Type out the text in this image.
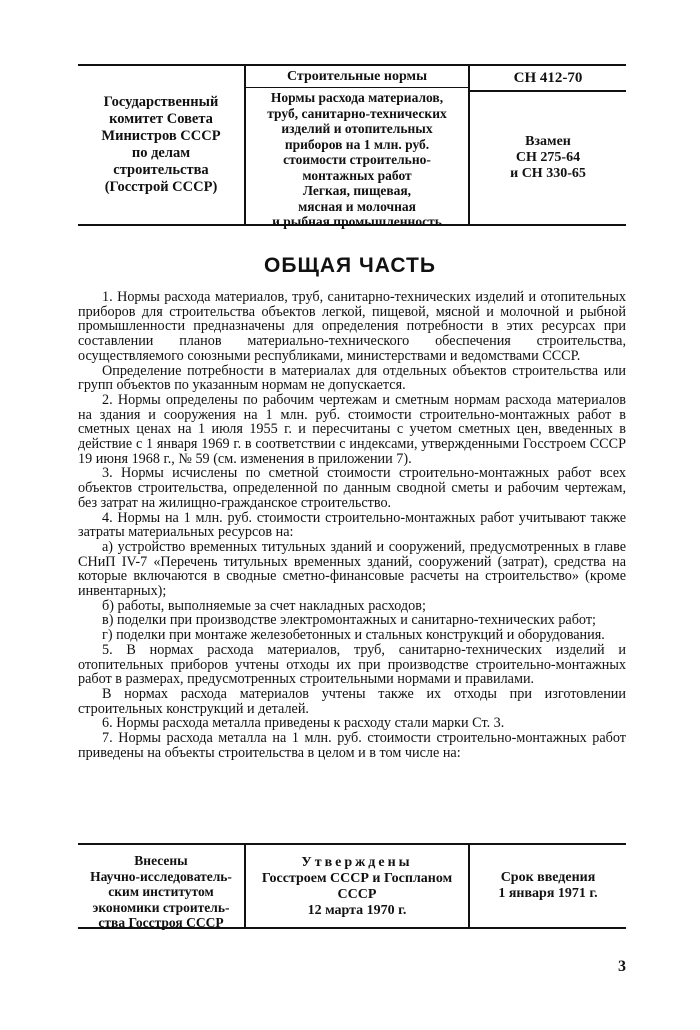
Государственный
комитет Совета
Министров СССР
по делам
строительства
(Госстрой СССР)
Строительные нормы
Нормы расхода материалов,
труб, санитарно-технических
изделий и отопительных
приборов на 1 млн. руб.
стоимости строительно-
монтажных работ
Легкая, пищевая,
мясная и молочная
и рыбная промышленность
СН 412-70
Взамен
СН 275-64
и СН 330-65
ОБЩАЯ ЧАСТЬ

1. Нормы расхода материалов, труб, санитарно-технических изделий и отопительных приборов для строительства объектов легкой, пищевой, мясной и молочной и рыбной промышленности предназначены для определения потребности в этих ресурсах при составлении планов материально-технического обеспечения строительства, осуществляемого союзными республиками, министерствами и ведомствами СССР.

Определение потребности в материалах для отдельных объектов строительства или групп объектов по указанным нормам не допускается.

2. Нормы определены по рабочим чертежам и сметным нормам расхода материалов на здания и сооружения на 1 млн. руб. стоимости строительно-монтажных работ в сметных ценах на 1 июля 1955 г. и пересчитаны с учетом сметных цен, введенных в действие с 1 января 1969 г. в соответствии с индексами, утвержденными Госстроем СССР 19 июня 1968 г., № 59 (см. изменения в приложении 7).

3. Нормы исчислены по сметной стоимости строительно-монтажных работ всех объектов строительства, определенной по данным сводной сметы и рабочим чертежам, без затрат на жилищно-гражданское строительство.

4. Нормы на 1 млн. руб. стоимости строительно-монтажных работ учитывают также затраты материальных ресурсов на:

а) устройство временных титульных зданий и сооружений, предусмотренных в главе СНиП IV-7 «Перечень титульных временных зданий, сооружений (затрат), средства на которые включаются в сводные сметно-финансовые расчеты на строительство» (кроме инвентарных);

б) работы, выполняемые за счет накладных расходов;

в) поделки при производстве электромонтажных и санитарно-технических работ;

г) поделки при монтаже железобетонных и стальных конструкций и оборудования.

5. В нормах расхода материалов, труб, санитарно-технических изделий и отопительных приборов учтены отходы их при производстве строительно-монтажных работ в размерах, предусмотренных строительными нормами и правилами.

В нормах расхода материалов учтены также их отходы при изготовлении строительных конструкций и деталей.

6. Нормы расхода металла приведены к расходу стали марки Ст. 3.

7. Нормы расхода металла на 1 млн. руб. стоимости строительно-монтажных работ приведены на объекты строительства в целом и в том числе на:

Внесены
Научно-исследователь-
ским институтом
экономики строитель-
ства Госстроя СССР
Утверждены
Госстроем СССР и Госпланом СССР
12 марта 1970 г.
Срок введения
1 января 1971 г.
3
